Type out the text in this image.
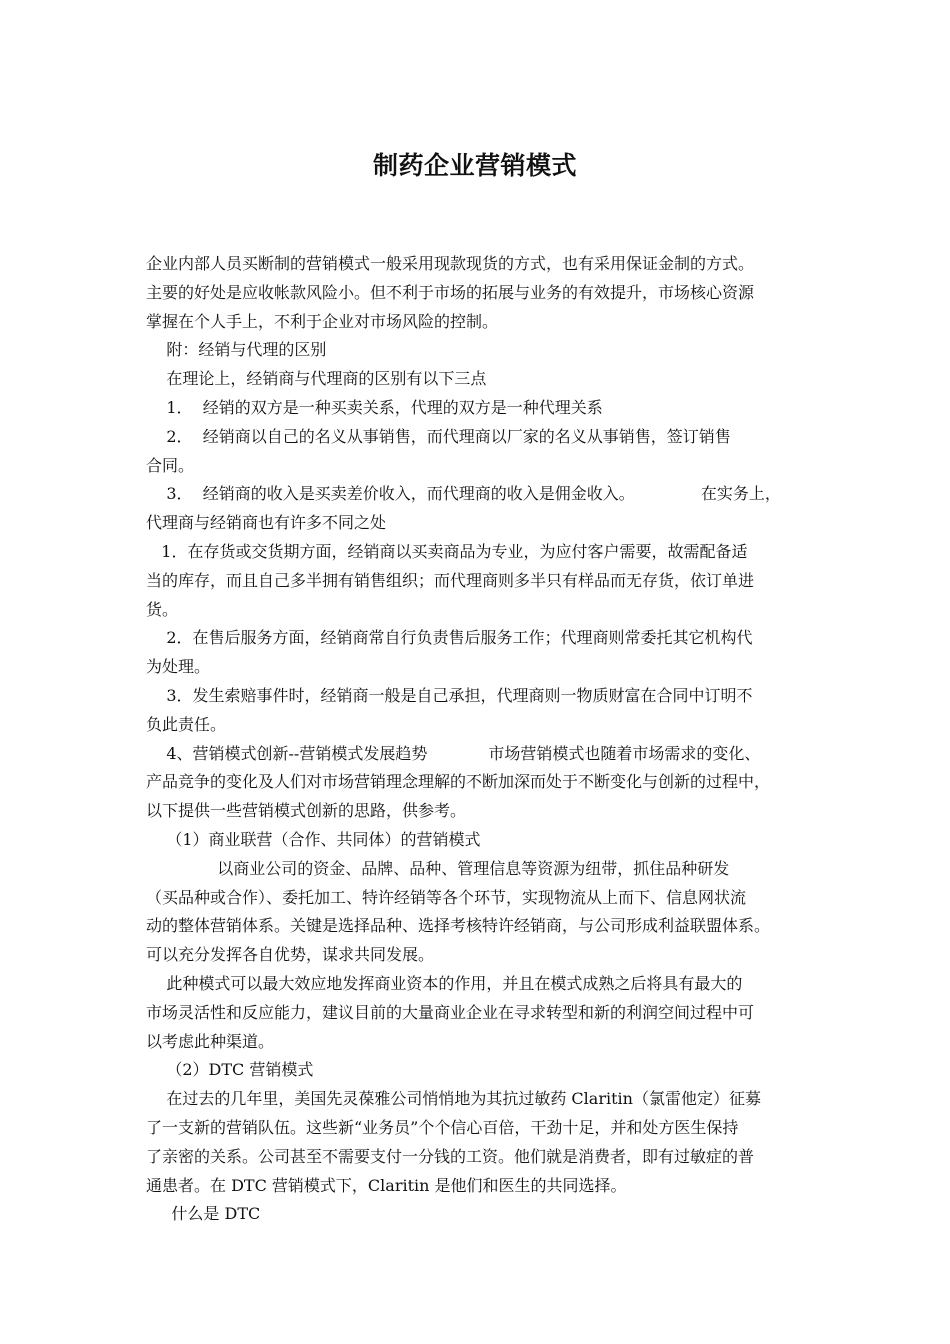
制药企业营销模式
企业内部人员买断制的营销模式一般采用现款现货的方式，也有采用保证金制的方式。
主要的好处是应收帐款风险小。但不利于市场的拓展与业务的有效提升，市场核心资源
掌握在个人手上，不利于企业对市场风险的控制。
附：经销与代理的区别
在理论上，经销商与代理商的区别有以下三点
1．  经销的双方是一种买卖关系，代理的双方是一种代理关系
2．  经销商以自己的名义从事销售，而代理商以厂家的名义从事销售，签订销售
合同。
3．  经销商的收入是买卖差价收入，而代理商的收入是佣金收入。             在实务上，
代理商与经销商也有许多不同之处
1．在存货或交货期方面，经销商以买卖商品为专业，为应付客户需要，故需配备适
当的库存，而且自己多半拥有销售组织；而代理商则多半只有样品而无存货，依订单进
货。
2．在售后服务方面，经销商常自行负责售后服务工作；代理商则常委托其它机构代
为处理。
3．发生索赔事件时，经销商一般是自己承担，代理商则一物质财富在合同中订明不
负此责任。
4、营销模式创新--营销模式发展趋势            市场营销模式也随着市场需求的变化、
产品竞争的变化及人们对市场营销理念理解的不断加深而处于不断变化与创新的过程中，
以下提供一些营销模式创新的思路，供参考。
（1）商业联营（合作、共同体）的营销模式
以商业公司的资金、品牌、品种、管理信息等资源为纽带，抓住品种研发
（买品种或合作）、委托加工、特许经销等各个环节，实现物流从上而下、信息网状流
动的整体营销体系。关键是选择品种、选择考核特许经销商，与公司形成利益联盟体系。
可以充分发挥各自优势，谋求共同发展。
此种模式可以最大效应地发挥商业资本的作用，并且在模式成熟之后将具有最大的
市场灵活性和反应能力，建议目前的大量商业企业在寻求转型和新的利润空间过程中可
以考虑此种渠道。
（2）DTC 营销模式
在过去的几年里，美国先灵葆雅公司悄悄地为其抗过敏药 Claritin（氯雷他定）征募
了一支新的营销队伍。这些新“业务员”个个信心百倍，干劲十足，并和处方医生保持
了亲密的关系。公司甚至不需要支付一分钱的工资。他们就是消费者，即有过敏症的普
通患者。在 DTC 营销模式下，Claritin 是他们和医生的共同选择。
什么是 DTC
